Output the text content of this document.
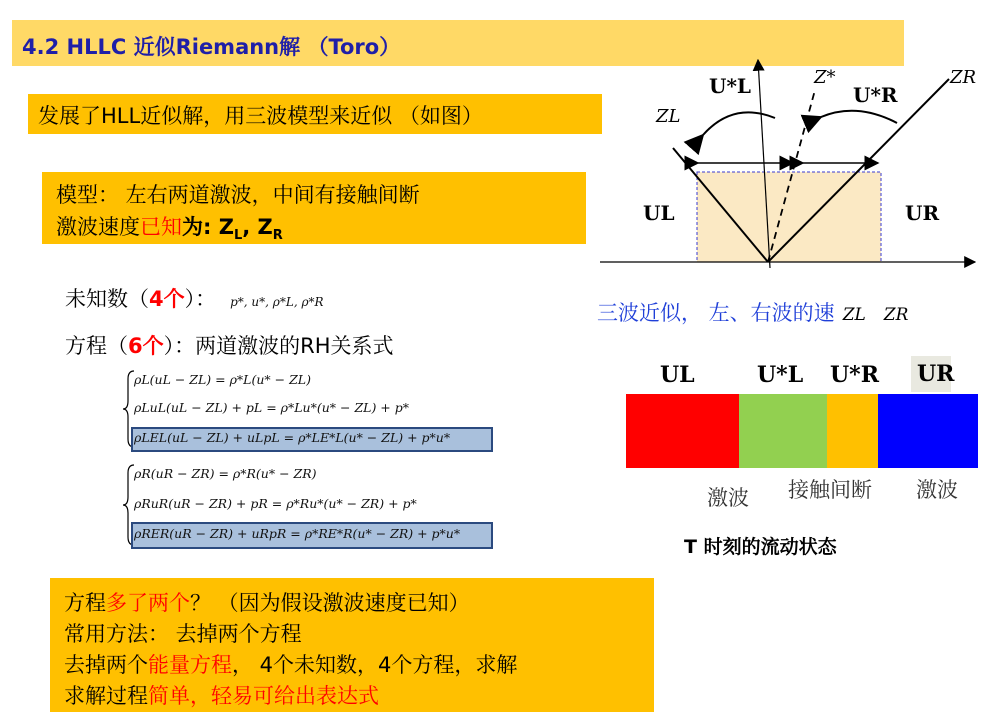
4.2 HLLC 近似Riemann解 （Toro）
发展了HLL近似解，用三波模型来近似 （如图）
模型： 左右两道激波，中间有接触间断
激波速度已知为: $Z_L$, $Z_R$
未知数（4个）： p*, u*, ρ*L, ρ*R
方程（6个）：两道激波的RH关系式
ρL(uL − ZL) = ρ*L(u* − ZL)
ρLuL(uL − ZL) + pL = ρ*Lu*(u* − ZL) + p*
ρLEL(uL − ZL) + uLpL = ρ*LE*L(u* − ZL) + p*u*
ρR(uR − ZR) = ρ*R(u* − ZR)
ρRuR(uR − ZR) + pR = ρ*Ru*(u* − ZR) + p*
ρRER(uR − ZR) + uRpR = ρ*RE*R(u* − ZR) + p*u*
方程多了两个？ （因为假设激波速度已知）
常用方法： 去掉两个方程
去掉两个能量方程， 4个未知数，4个方程，求解
求解过程简单，轻易可给出表达式
U*L	Z*
U*R
ZR
ZL
UL	UR
三波近似， 左、右波的速 ZL ZR
UL	U*L U*R UR
激波 接触间断 激波
T 时刻的流动状态
